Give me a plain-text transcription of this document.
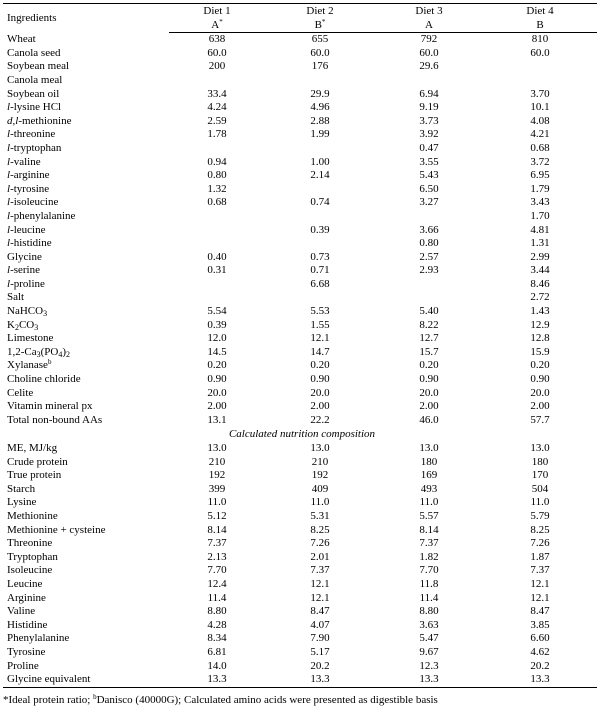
Ingredients	Diet 1	Diet 2	Diet 3	Diet 4
	A*	B*	A	B
Wheat	638	655	792	810
Canola seed	60.0	60.0	60.0	60.0
Soybean meal	200	176	29.6	
Canola meal				
Soybean oil	33.4	29.9	6.94	3.70
l-lysine HCl	4.24	4.96	9.19	10.1
d,l-methionine	2.59	2.88	3.73	4.08
l-threonine	1.78	1.99	3.92	4.21
l-tryptophan			0.47	0.68
l-valine	0.94	1.00	3.55	3.72
l-arginine	0.80	2.14	5.43	6.95
l-tyrosine	1.32		6.50	1.79
l-isoleucine	0.68	0.74	3.27	3.43
l-phenylalanine				1.70
l-leucine		0.39	3.66	4.81
l-histidine			0.80	1.31
Glycine	0.40	0.73	2.57	2.99
l-serine	0.31	0.71	2.93	3.44
l-proline		6.68		8.46
Salt				2.72
NaHCO$_3$	5.54	5.53	5.40	1.43
$K_2CO_3$	0.39	1.55	8.22	12.9
Limestone	12.0	12.1	12.7	12.8
$1,2-Ca_3(PO_4)_2$	14.5	14.7	15.7	15.9
Xylanase$^b$	0.20	0.20	0.20	0.20
Choline chloride	0.90	0.90	0.90	0.90
Celite	20.0	20.0	20.0	20.0
Vitamin mineral px	2.00	2.00	2.00	2.00
Total non-bound AAs	13.1	22.2	46.0	57.7
Calculated nutrition composition				
ME, MJ/kg	13.0	13.0	13.0	13.0
Crude protein	210	210	180	180
True protein	192	192	169	170
Starch	399	409	493	504
Lysine	11.0	11.0	11.0	11.0
Methionine	5.12	5.31	5.57	5.79
Methionine + cysteine	8.14	8.25	8.14	8.25
Threonine	7.37	7.26	7.37	7.26
Tryptophan	2.13	2.01	1.82	1.87
Isoleucine	7.70	7.37	7.70	7.37
Leucine	12.4	12.1	11.8	12.1
Arginine	11.4	12.1	11.4	12.1
Valine	8.80	8.47	8.80	8.47
Histidine	4.28	4.07	3.63	3.85
Phenylalanine	8.34	7.90	5.47	6.60
Tyrosine	6.81	5.17	9.67	4.62
Proline	14.0	20.2	12.3	20.2
Glycine equivalent	13.3	13.3	13.3	13.3
*Ideal protein ratio; $^b$Danisco (40000G); Calculated amino acids were presented as digestible basis
